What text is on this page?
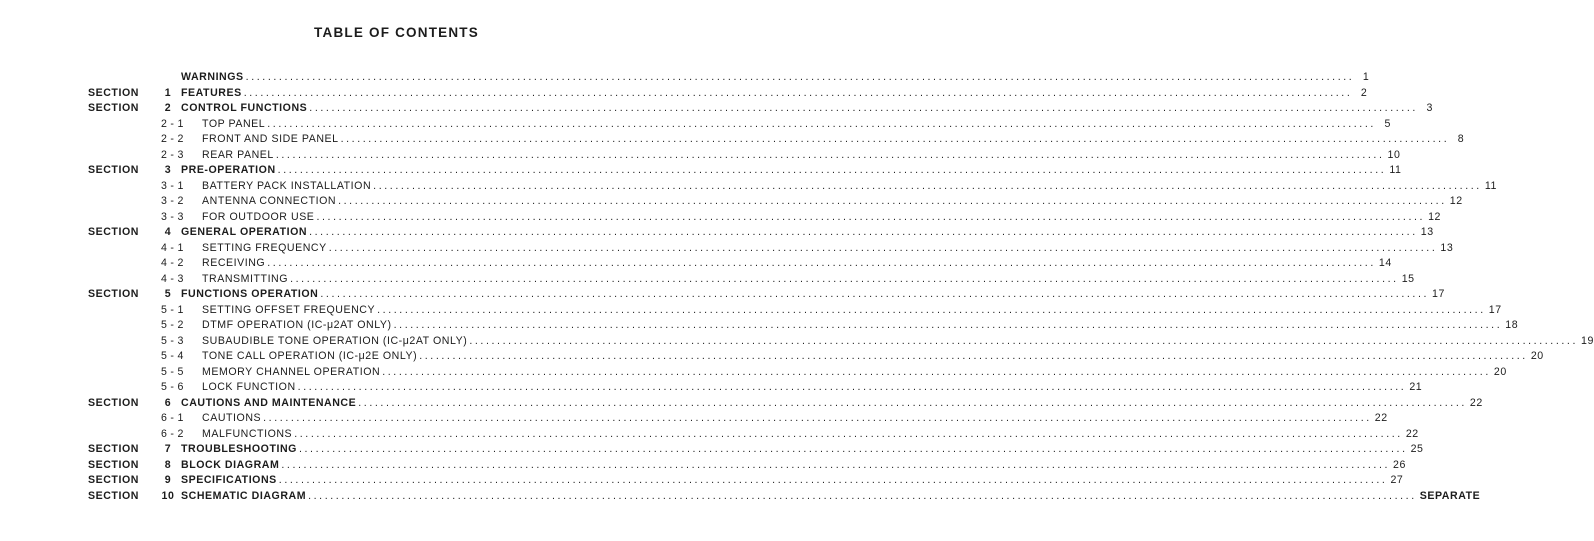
TABLE OF CONTENTS
WARNINGS ........................................................................................................................................................................................................ 1
SECTION	1 FEATURES ........................................................................................................................................................................................................ 2
SECTION	2 CONTROL FUNCTIONS ........................................................................................................................................................................................................ 3
2 - 1	TOP PANEL ........................................................................................................................................................................................................ 5
2 - 2	FRONT AND SIDE PANEL ........................................................................................................................................................................................................ 8
2 - 3	REAR PANEL ........................................................................................................................................................................................................ 10
SECTION	3 PRE-OPERATION ........................................................................................................................................................................................................ 11
3 - 1	BATTERY PACK INSTALLATION ........................................................................................................................................................................................................ 11
3 - 2	ANTENNA CONNECTION ........................................................................................................................................................................................................ 12
3 - 3	FOR OUTDOOR USE ........................................................................................................................................................................................................ 12
SECTION	4 GENERAL OPERATION ........................................................................................................................................................................................................ 13
4 - 1	SETTING FREQUENCY ........................................................................................................................................................................................................ 13
4 - 2	RECEIVING ........................................................................................................................................................................................................ 14
4 - 3	TRANSMITTING ........................................................................................................................................................................................................ 15
SECTION	5 FUNCTIONS OPERATION ........................................................................................................................................................................................................ 17
5 - 1	SETTING OFFSET FREQUENCY ........................................................................................................................................................................................................ 17
5 - 2	DTMF OPERATION (IC-μ2AT ONLY) ........................................................................................................................................................................................................ 18
5 - 3	SUBAUDIBLE TONE OPERATION (IC-μ2AT ONLY) ........................................................................................................................................................................................................ 19
5 - 4	TONE CALL OPERATION (IC-μ2E ONLY) ........................................................................................................................................................................................................ 20
5 - 5	MEMORY CHANNEL OPERATION ........................................................................................................................................................................................................ 20
5 - 6	LOCK FUNCTION ........................................................................................................................................................................................................ 21
SECTION	6 CAUTIONS AND MAINTENANCE ........................................................................................................................................................................................................ 22
6 - 1	CAUTIONS ........................................................................................................................................................................................................ 22
6 - 2	MALFUNCTIONS ........................................................................................................................................................................................................ 22
SECTION	7 TROUBLESHOOTING ........................................................................................................................................................................................................ 25
SECTION	8 BLOCK DIAGRAM ........................................................................................................................................................................................................ 26
SECTION	9 SPECIFICATIONS ........................................................................................................................................................................................................ 27
SECTION	10 SCHEMATIC DIAGRAM ........................................................................................................................................................................................................ SEPARATE
